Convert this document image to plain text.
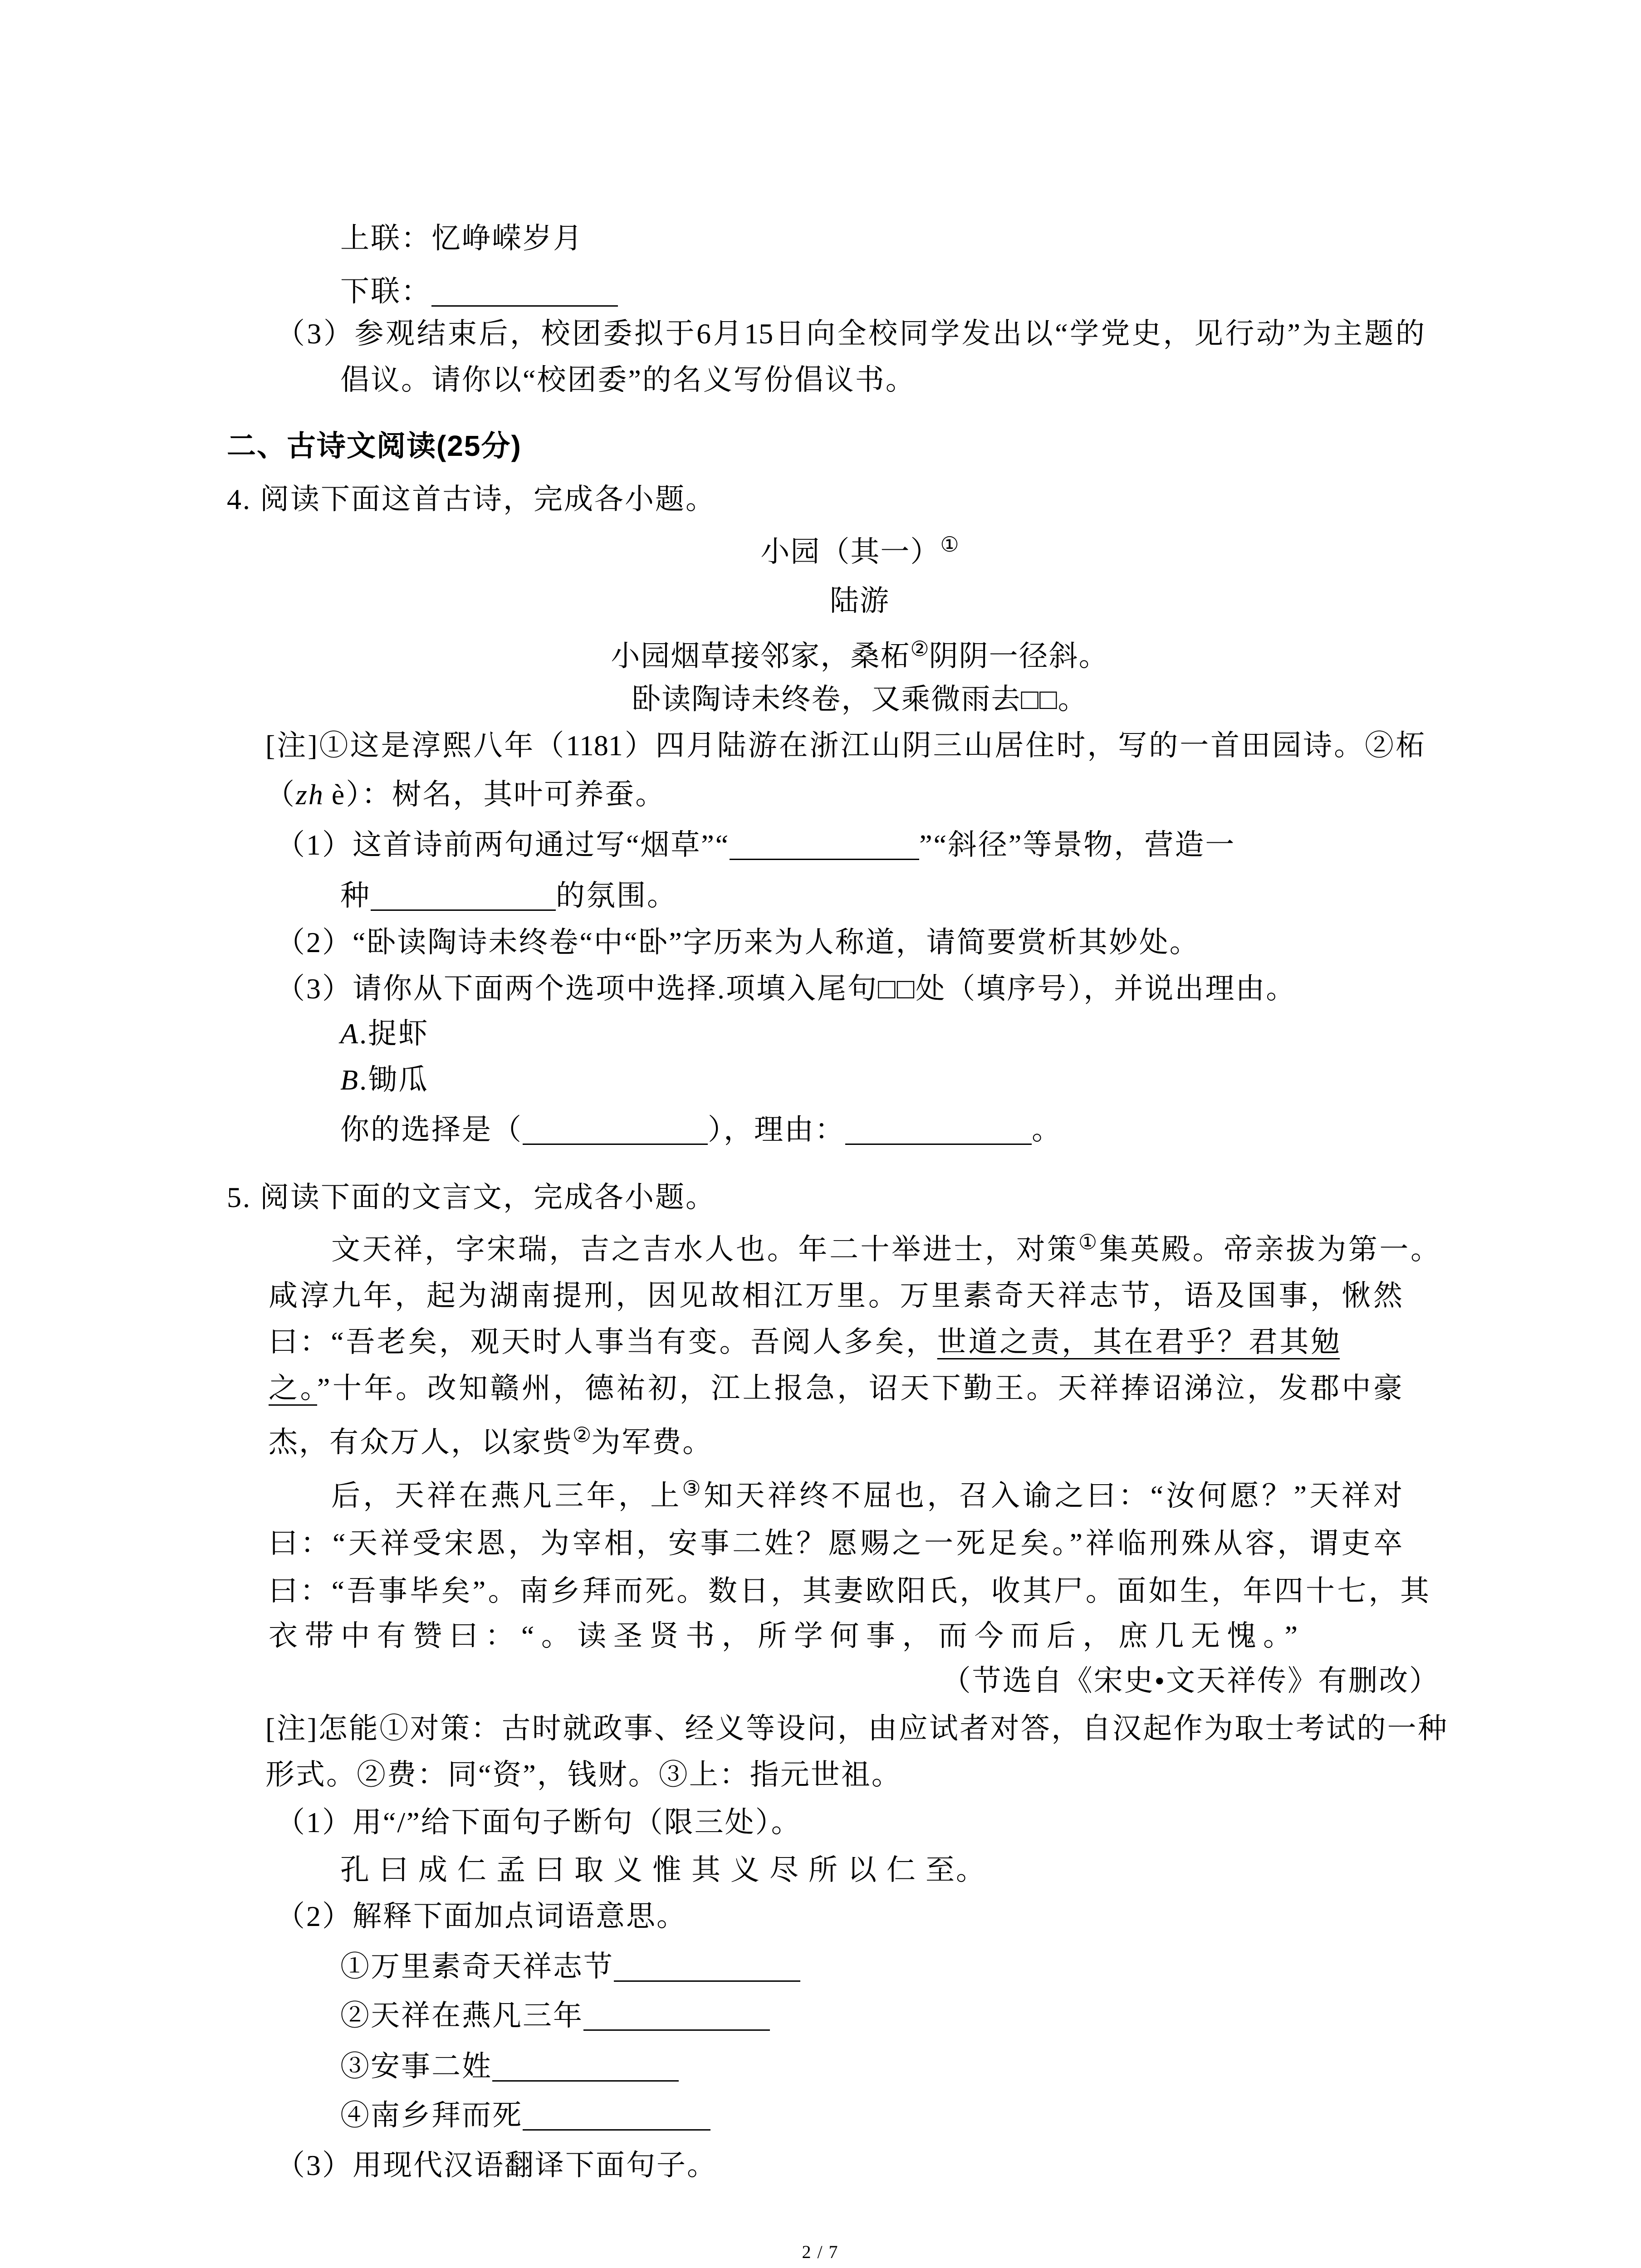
上联：忆峥嵘岁月
下联：
（3）参观结束后，校团委拟于6月15日向全校同学发出以“学党史，见行动”为主题的
倡议。请你以“校团委”的名义写份倡议书。
二、古诗文阅读(25分)
4. 阅读下面这首古诗，完成各小题。
小园（其一）①
陆游
小园烟草接邻家，桑柘②阴阴一径斜。
卧读陶诗未终卷，又乘微雨去□□。
[注]①这是淳熙八年（1181）四月陆游在浙江山阴三山居住时，写的一首田园诗。②柘
（zh è）：树名，其叶可养蚕。
（1）这首诗前两句通过写“烟草”“	”“斜径”等景物，营造一
种	的氛围。
（2）“卧读陶诗未终卷“中“卧”字历来为人称道，请简要赏析其妙处。
（3）请你从下面两个选项中选择.项填入尾句□□处（填序号），并说出理由。
A.捉虾
B.锄瓜
你的选择是（	），理由：	。
5. 阅读下面的文言文，完成各小题。
文天祥，字宋瑞，吉之吉水人也。年二十举进士，对策①集英殿。帝亲拔为第一。
咸淳九年，起为湖南提刑，因见故相江万里。万里素奇天祥志节，语及国事，愀然
曰：“吾老矣，观天时人事当有变。吾阅人多矣，世道之责，其在君乎？君其勉
之。”十年。改知赣州，德祐初，江上报急，诏天下勤王。天祥捧诏涕泣，发郡中豪
杰，有众万人，以家赀②为军费。
后，天祥在燕凡三年，上③知天祥终不屈也，召入谕之曰：“汝何愿？”天祥对
曰：“天祥受宋恩，为宰相，安事二姓？愿赐之一死足矣。”祥临刑殊从容，谓吏卒
曰：“吾事毕矣”。南乡拜而死。数日，其妻欧阳氏，收其尸。面如生，年四十七，其
衣带中有赞曰：“。读圣贤书，所学何事，而今而后，庶几无愧。”
（节选自《宋史•文天祥传》有删改）
[注]怎能①对策：古时就政事、经义等设问，由应试者对答，自汉起作为取士考试的一种
形式。②费：同“资”，钱财。③上：指元世祖。
（1）用“/”给下面句子断句（限三处）。
孔 曰 成 仁 孟 曰 取 义 惟 其 义 尽 所 以 仁 至。
（2）解释下面加点词语意思。
①万里素奇天祥志节
②天祥在燕凡三年
③安事二姓
④南乡拜而死
（3）用现代汉语翻译下面句子。
2 / 7
